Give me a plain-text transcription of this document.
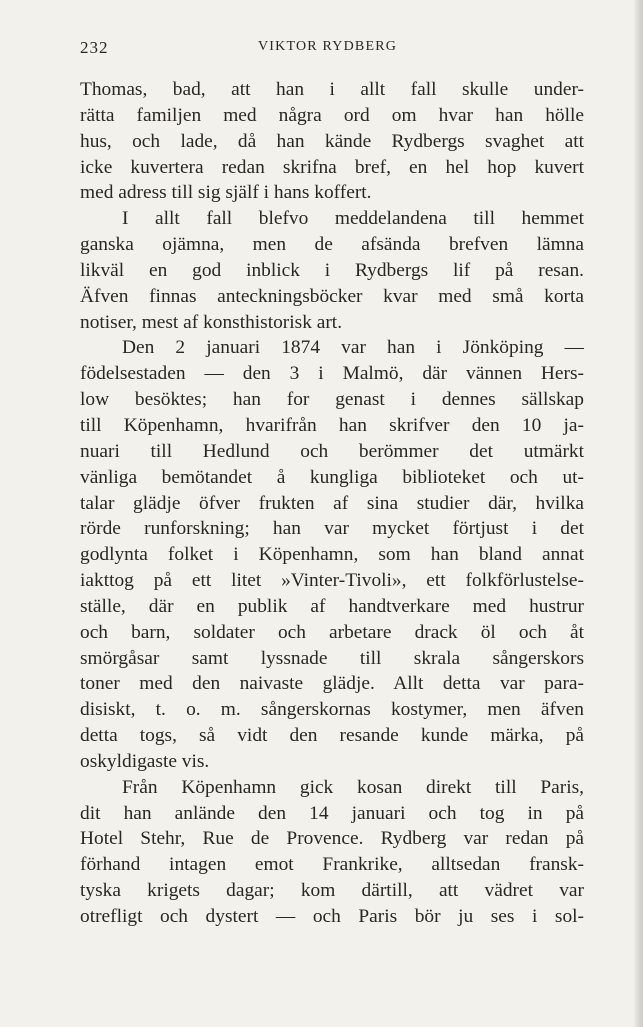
232	VIKTOR RYDBERG
Thomas, bad, att han i allt fall skulle under-
rätta familjen med några ord om hvar han hölle
hus, och lade, då han kände Rydbergs svaghet att
icke kuvertera redan skrifna bref, en hel hop kuvert
med adress till sig själf i hans koffert.
I allt fall blefvo meddelandena till hemmet
ganska ojämna, men de afsända brefven lämna
likväl en god inblick i Rydbergs lif på resan.
Äfven finnas anteckningsböcker kvar med små korta
notiser, mest af konsthistorisk art.
Den 2 januari 1874 var han i Jönköping —
födelsestaden — den 3 i Malmö, där vännen Hers-
low besöktes; han for genast i dennes sällskap
till Köpenhamn, hvarifrån han skrifver den 10 ja-
nuari till Hedlund och berömmer det utmärkt
vänliga bemötandet å kungliga biblioteket och ut-
talar glädje öfver frukten af sina studier där, hvilka
rörde runforskning; han var mycket förtjust i det
godlynta folket i Köpenhamn, som han bland annat
iakttog på ett litet »Vinter-Tivoli», ett folkförlustelse-
ställe, där en publik af handtverkare med hustrur
och barn, soldater och arbetare drack öl och åt
smörgåsar samt lyssnade till skrala sångerskors
toner med den naivaste glädje. Allt detta var para-
disiskt, t. o. m. sångerskornas kostymer, men äfven
detta togs, så vidt den resande kunde märka, på
oskyldigaste vis.
Från Köpenhamn gick kosan direkt till Paris,
dit han anlände den 14 januari och tog in på
Hotel Stehr, Rue de Provence. Rydberg var redan på
förhand intagen emot Frankrike, alltsedan fransk-
tyska krigets dagar; kom därtill, att vädret var
otrefligt och dystert — och Paris bör ju ses i sol-
